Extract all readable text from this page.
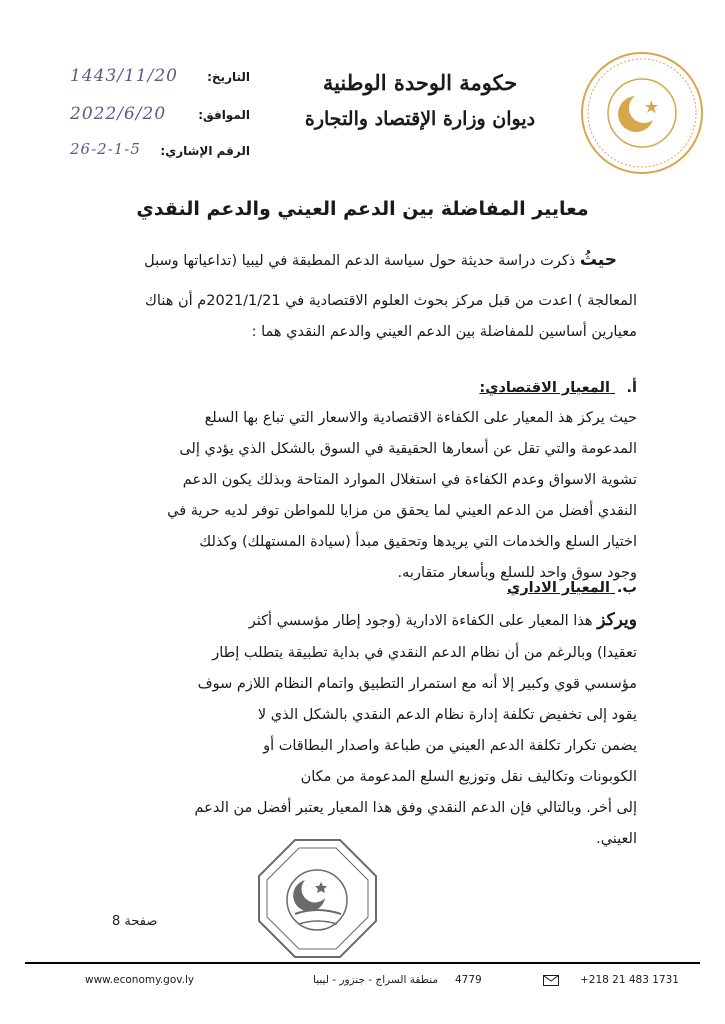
حكومة الوحدة الوطنية
ديوان وزارة الإقتصاد والتجارة
التاريخ:
1443/11/20
الموافق:
2022/6/20
الرقم الإشاري:
26-2-1-5
معايير المفاضلة بين الدعم العيني والدعم النقدي
حيثُ ذكرت دراسة حديثة حول سياسة الدعم المطبقة في ليبيا (تداعياتها وسبل
المعالجة ) اعدت من قبل مركز بحوث العلوم الاقتصادية في 2021/1/21م أن هناك
معيارين أساسين للمفاضلة بين الدعم العيني والدعم النقدي هما :
أ. المعيار الاقتصادي:
حيث يركز هذ المعيار على الكفاءة الاقتصادية والاسعار التي تباع بها السلع
المدعومة والتي تقل عن أسعارها الحقيقية في السوق بالشكل الذي يؤدي إلى
تشوية الاسواق وعدم الكفاءة في استغلال الموارد المتاحة وبذلك يكون الدعم
النقدي أفضل من الدعم العيني لما يحقق من مزايا للمواطن توفر لديه حرية في
اختيار السلع والخدمات التي يريدها وتحقيق مبدأ (سيادة المستهلك) وكذلك
وجود سوق واحد للسلع وبأسعار متقاربه.
ب. المعيار الاداري
ويركز هذا المعيار على الكفاءة الادارية (وجود إطار مؤسسي أكثر
تعقيدا) وبالرغم من أن نظام الدعم النقدي في بداية تطبيقة يتطلب إطار
مؤسسي قوي وكبير إلا أنه مع استمرار التطبيق واتمام النظام اللازم سوف
يقود إلى تخفيض تكلفة إدارة نظام الدعم النقدي بالشكل الذي لا
يضمن تكرار تكلفة الدعم العيني من طباعة واصدار البطاقات أو
الكوبونات وتكاليف نقل وتوزيع السلع المدعومة من مكان
إلى أخر. وبالتالي فإن الدعم النقدي وفق هذا المعيار يعتبر أفضل من الدعم
العيني.
صفحة 8
www.economy.gov.ly	منطقة السراج - جنزور - ليبيا 4779	+218 21 483 1731
